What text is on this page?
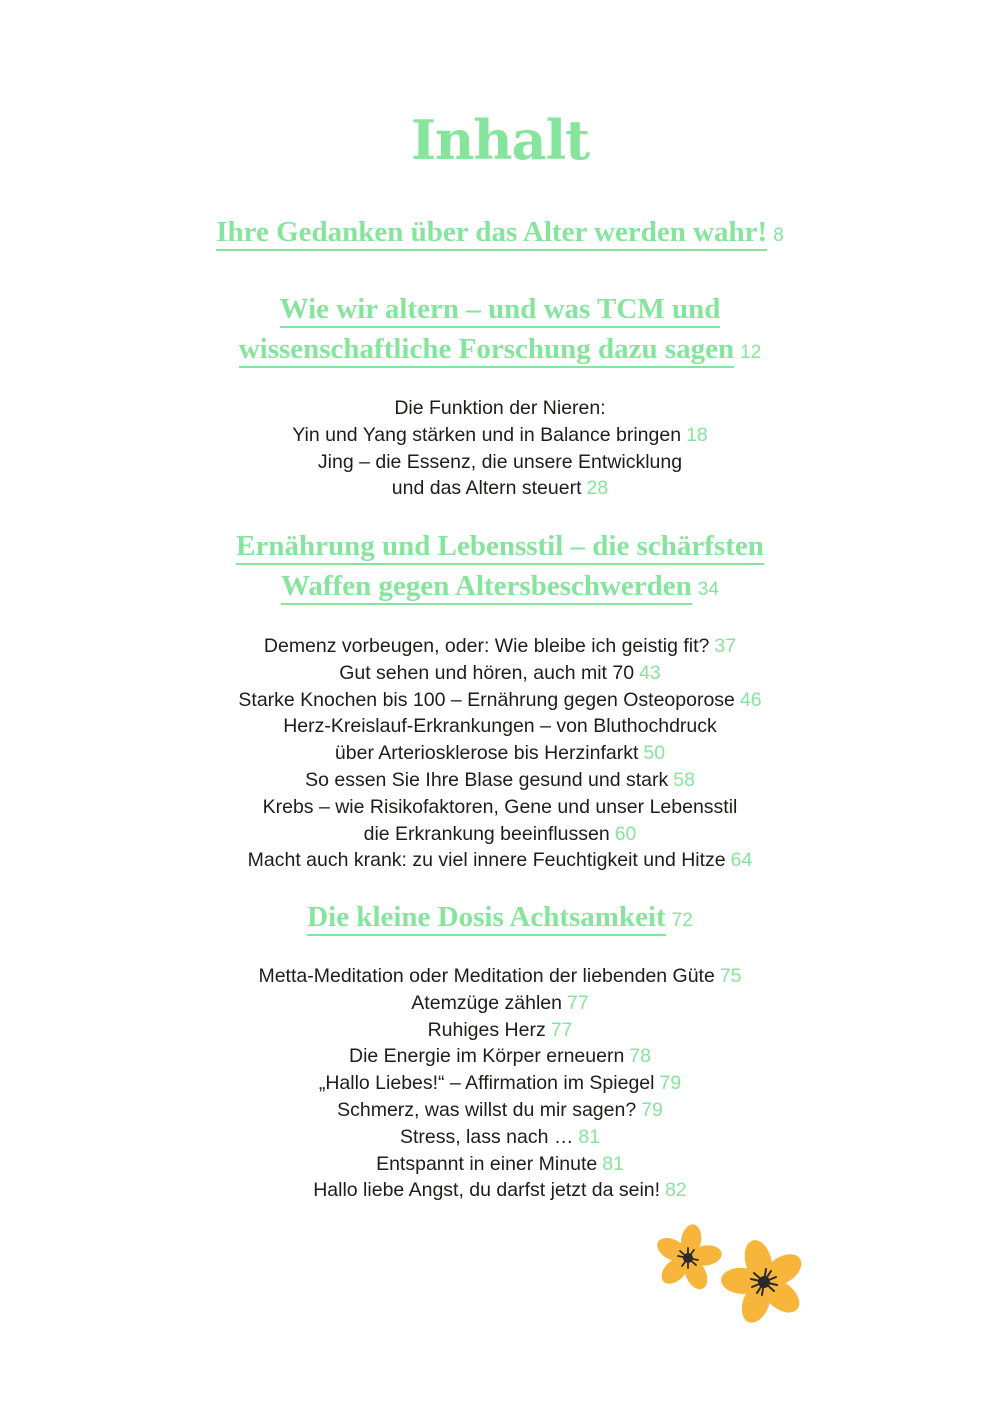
Inhalt

Ihre Gedanken über das Alter werden wahr! 8

Wie wir altern – und was TCM und
wissenschaftliche Forschung dazu sagen 12

Die Funktion der Nieren:
Yin und Yang stärken und in Balance bringen 18
Jing – die Essenz, die unsere Entwicklung
und das Altern steuert 28

Ernährung und Lebensstil – die schärfsten
Waffen gegen Altersbeschwerden 34

Demenz vorbeugen, oder: Wie bleibe ich geistig fit? 37
Gut sehen und hören, auch mit 70 43
Starke Knochen bis 100 – Ernährung gegen Osteoporose 46
Herz-Kreislauf-Erkrankungen – von Bluthochdruck
über Arteriosklerose bis Herzinfarkt 50
So essen Sie Ihre Blase gesund und stark 58
Krebs – wie Risikofaktoren, Gene und unser Lebensstil
die Erkrankung beeinflussen 60
Macht auch krank: zu viel innere Feuchtigkeit und Hitze 64

Die kleine Dosis Achtsamkeit 72

Metta-Meditation oder Meditation der liebenden Güte 75
Atemzüge zählen 77
Ruhiges Herz 77
Die Energie im Körper erneuern 78
„Hallo Liebes!“ – Affirmation im Spiegel 79
Schmerz, was willst du mir sagen? 79
Stress, lass nach … 81
Entspannt in einer Minute 81
Hallo liebe Angst, du darfst jetzt da sein! 82
